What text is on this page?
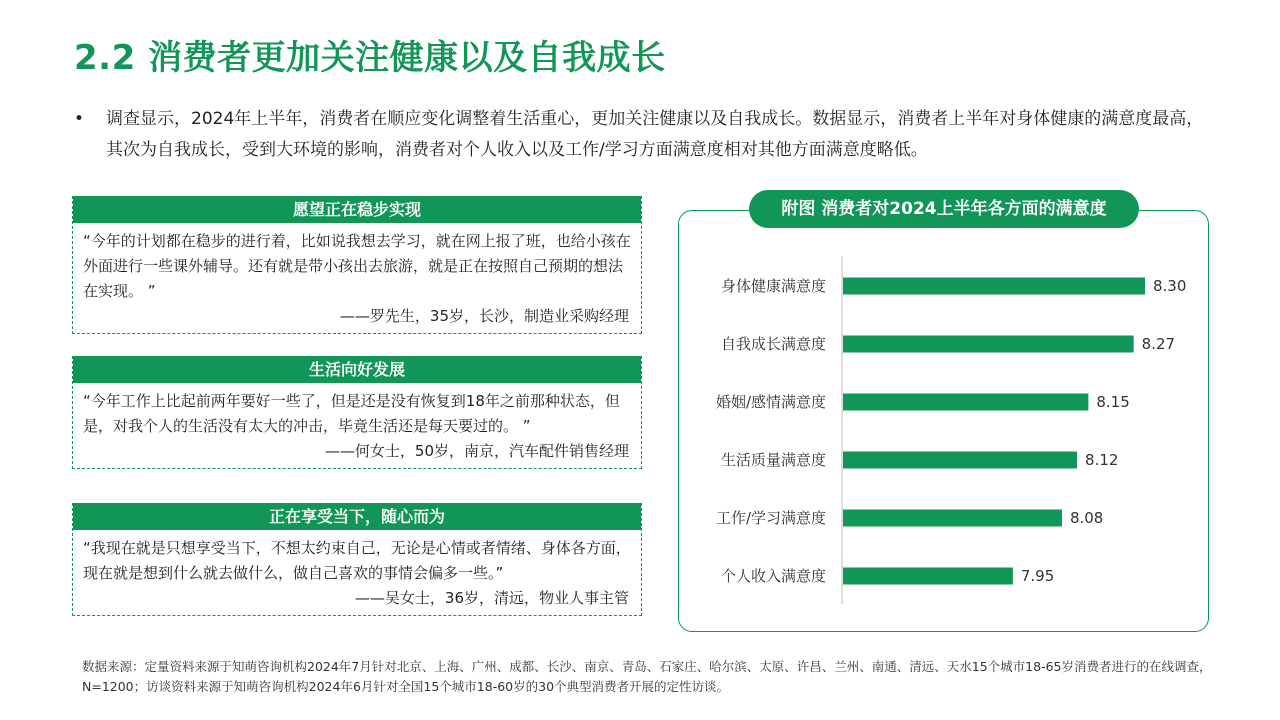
2.2 消费者更加关注健康以及自我成长
•	调查显示，2024年上半年，消费者在顺应变化调整着生活重心，更加关注健康以及自我成长。数据显示，消费者上半年对身体健康的满意度最高，其次为自我成长，受到大环境的影响，消费者对个人收入以及工作/学习方面满意度相对其他方面满意度略低。
愿望正在稳步实现
“今年的计划都在稳步的进行着，比如说我想去学习，就在网上报了班，也给小孩在外面进行一些课外辅导。还有就是带小孩出去旅游，就是正在按照自己预期的想法在实现。 ”
——罗先生，35岁，长沙，制造业采购经理
生活向好发展
“今年工作上比起前两年要好一些了，但是还是没有恢复到18年之前那种状态，但是，对我个人的生活没有太大的冲击，毕竟生活还是每天要过的。 ”
——何女士，50岁，南京，汽车配件销售经理
正在享受当下，随心而为
“我现在就是只想享受当下，不想太约束自己，无论是心情或者情绪、身体各方面，现在就是想到什么就去做什么，做自己喜欢的事情会偏多一些。”
——吴女士，36岁，清远，物业人事主管
身体健康满意度	8.30
自我成长满意度	8.27
婚姻/感情满意度	8.15
生活质量满意度	8.12
工作/学习满意度	8.08
个人收入满意度	7.95
附图 消费者对2024上半年各方面的满意度
数据来源：定量资料来源于知萌咨询机构2024年7月针对北京、上海、广州、成都、长沙、南京、青岛、石家庄、哈尔滨、太原、许昌、兰州、南通、清远、天水15个城市18-65岁消费者进行的在线调查，N=1200；访谈资料来源于知萌咨询机构2024年6月针对全国15个城市18-60岁的30个典型消费者开展的定性访谈。
